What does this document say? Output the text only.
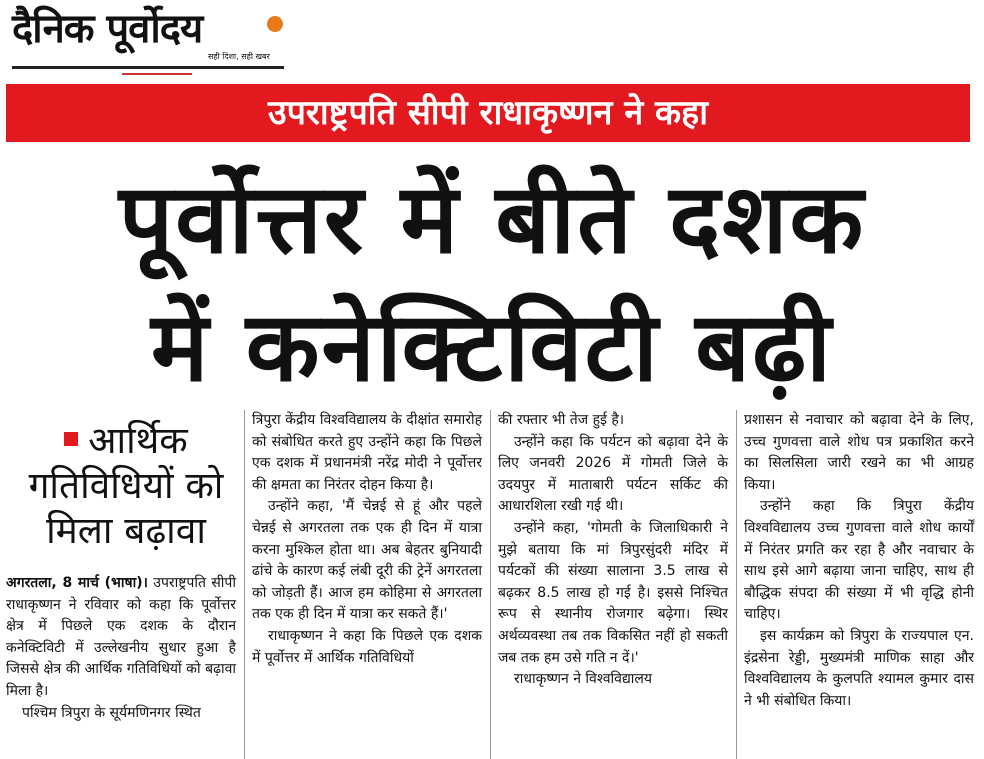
दैनिक पूर्वोदय
सही दिशा, सही खबर
उपराष्ट्रपति सीपी राधाकृष्णन ने कहा
पूर्वोत्तर में बीते दशक
में कनेक्टिविटी बढ़ी
आर्थिक गतिविधियों को मिला बढ़ावा

अगरतला, 8 मार्च (भाषा)। उपराष्ट्रपति सीपी राधाकृष्णन ने रविवार को कहा कि पूर्वोत्तर क्षेत्र में पिछले एक दशक के दौरान कनेक्टिविटी में उल्लेखनीय सुधार हुआ है जिससे क्षेत्र की आर्थिक गतिविधियों को बढ़ावा मिला है।

पश्चिम त्रिपुरा के सूर्यमणिनगर स्थित

त्रिपुरा केंद्रीय विश्वविद्यालय के दीक्षांत समारोह को संबोधित करते हुए उन्होंने कहा कि पिछले एक दशक में प्रधानमंत्री नरेंद्र मोदी ने पूर्वोत्तर की क्षमता का निरंतर दोहन किया है।

उन्होंने कहा, 'मैं चेन्नई से हूं और पहले चेन्नई से अगरतला तक एक ही दिन में यात्रा करना मुश्किल होता था। अब बेहतर बुनियादी ढांचे के कारण कई लंबी दूरी की ट्रेनें अगरतला को जोड़ती हैं। आज हम कोहिमा से अगरतला तक एक ही दिन में यात्रा कर सकते हैं।'

राधाकृष्णन ने कहा कि पिछले एक दशक में पूर्वोत्तर में आर्थिक गतिविधियों

की रफ्तार भी तेज हुई है।

उन्होंने कहा कि पर्यटन को बढ़ावा देने के लिए जनवरी 2026 में गोमती जिले के उदयपुर में माताबारी पर्यटन सर्किट की आधारशिला रखी गई थी।

उन्होंने कहा, 'गोमती के जिलाधिकारी ने मुझे बताया कि मां त्रिपुरसुंदरी मंदिर में पर्यटकों की संख्या सालाना 3.5 लाख से बढ़कर 8.5 लाख हो गई है। इससे निश्चित रूप से स्थानीय रोजगार बढ़ेगा। स्थिर अर्थव्यवस्था तब तक विकसित नहीं हो सकती जब तक हम उसे गति न दें।'

राधाकृष्णन ने विश्वविद्यालय

प्रशासन से नवाचार को बढ़ावा देने के लिए, उच्च गुणवत्ता वाले शोध पत्र प्रकाशित करने का सिलसिला जारी रखने का भी आग्रह किया।

उन्होंने कहा कि त्रिपुरा केंद्रीय विश्वविद्यालय उच्च गुणवत्ता वाले शोध कार्यों में निरंतर प्रगति कर रहा है और नवाचार के साथ इसे आगे बढ़ाया जाना चाहिए, साथ ही बौद्धिक संपदा की संख्या में भी वृद्धि होनी चाहिए।

इस कार्यक्रम को त्रिपुरा के राज्यपाल एन. इंद्रसेना रेड्डी, मुख्यमंत्री माणिक साहा और विश्वविद्यालय के कुलपति श्यामल कुमार दास ने भी संबोधित किया।
